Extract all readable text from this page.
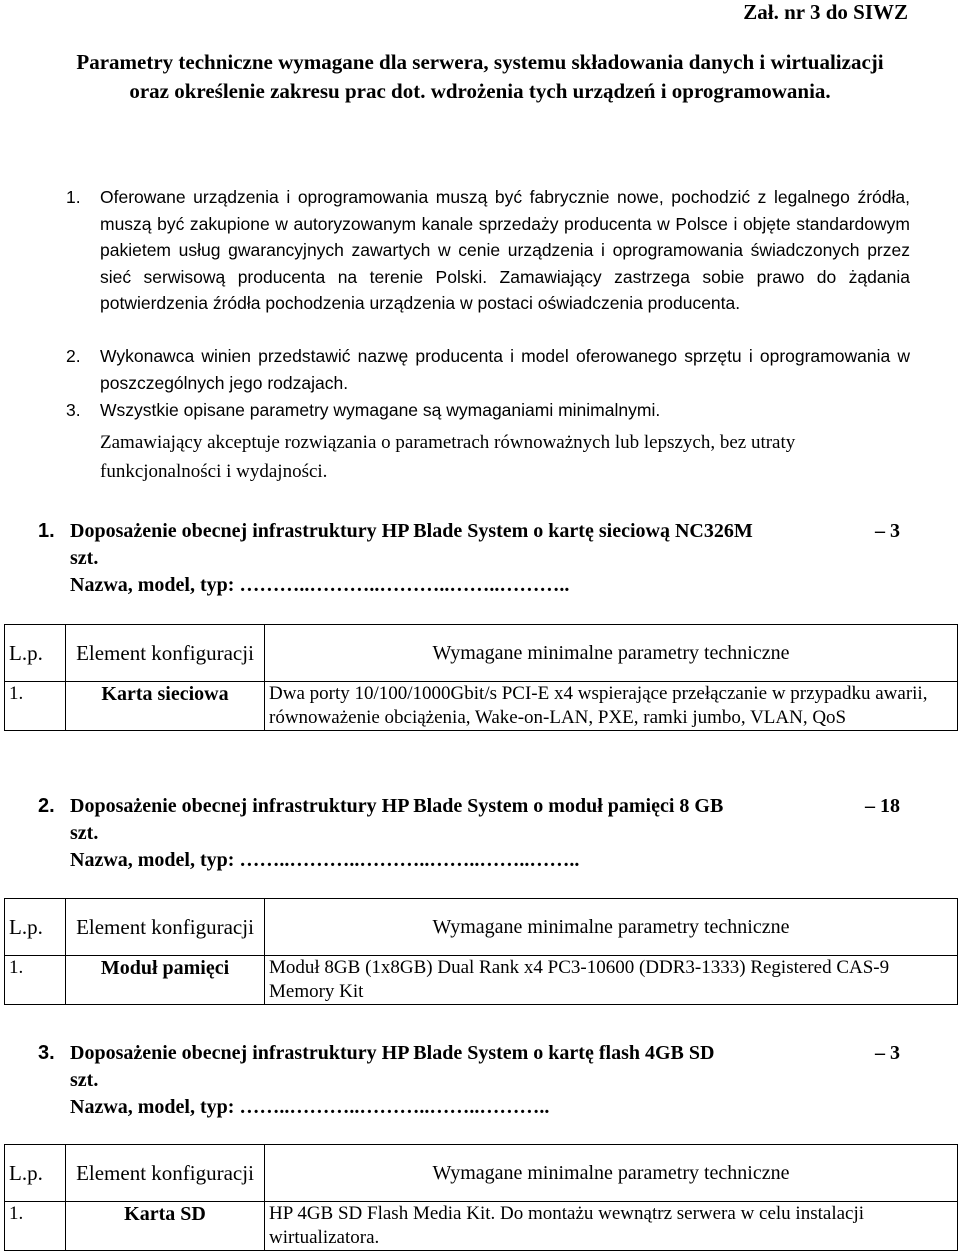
Zał. nr 3 do SIWZ
Parametry techniczne wymagane dla serwera, systemu składowania danych i wirtualizacji oraz określenie zakresu prac dot. wdrożenia tych urządzeń i oprogramowania.
1. Oferowane urządzenia i oprogramowania muszą być fabrycznie nowe, pochodzić z legalnego źródła, muszą być zakupione w autoryzowanym kanale sprzedaży producenta w Polsce i objęte standardowym pakietem usług gwarancyjnych zawartych w cenie urządzenia i oprogramowania świadczonych przez sieć serwisową producenta na terenie Polski. Zamawiający zastrzega sobie prawo do żądania potwierdzenia źródła pochodzenia urządzenia w postaci oświadczenia producenta.
2. Wykonawca winien przedstawić nazwę producenta i model oferowanego sprzętu i oprogramowania w poszczególnych jego rodzajach.
3. Wszystkie opisane parametry wymagane są wymaganiami minimalnymi.
Zamawiający akceptuje rozwiązania o parametrach równoważnych lub lepszych, bez utraty funkcjonalności i wydajności.
1. Doposażenie obecnej infrastruktury HP Blade System o kartę sieciową NC326M	– 3
szt.
Nazwa, model, typ: ………..………..………..……..………..
L.p.	Element konfiguracji	Wymagane minimalne parametry techniczne
1.	Karta sieciowa	Dwa porty 10/100/1000Gbit/s PCI-E x4 wspierające przełączanie w przypadku awarii, równoważenie obciążenia, Wake-on-LAN, PXE, ramki jumbo, VLAN, QoS
2. Doposażenie obecnej infrastruktury HP Blade System o moduł pamięci 8 GB	– 18
szt.
Nazwa, model, typ: ……..………..………..……..……..……..
L.p.	Element konfiguracji	Wymagane minimalne parametry techniczne
1.	Moduł pamięci	Moduł 8GB (1x8GB) Dual Rank x4 PC3-10600 (DDR3-1333) Registered CAS-9 Memory Kit
3. Doposażenie obecnej infrastruktury HP Blade System o kartę flash 4GB SD	– 3
szt.
Nazwa, model, typ: ……..………..………..……..………..
L.p.	Element konfiguracji	Wymagane minimalne parametry techniczne
1.	Karta SD	HP 4GB SD Flash Media Kit. Do montażu wewnątrz serwera w celu instalacji wirtualizatora.
